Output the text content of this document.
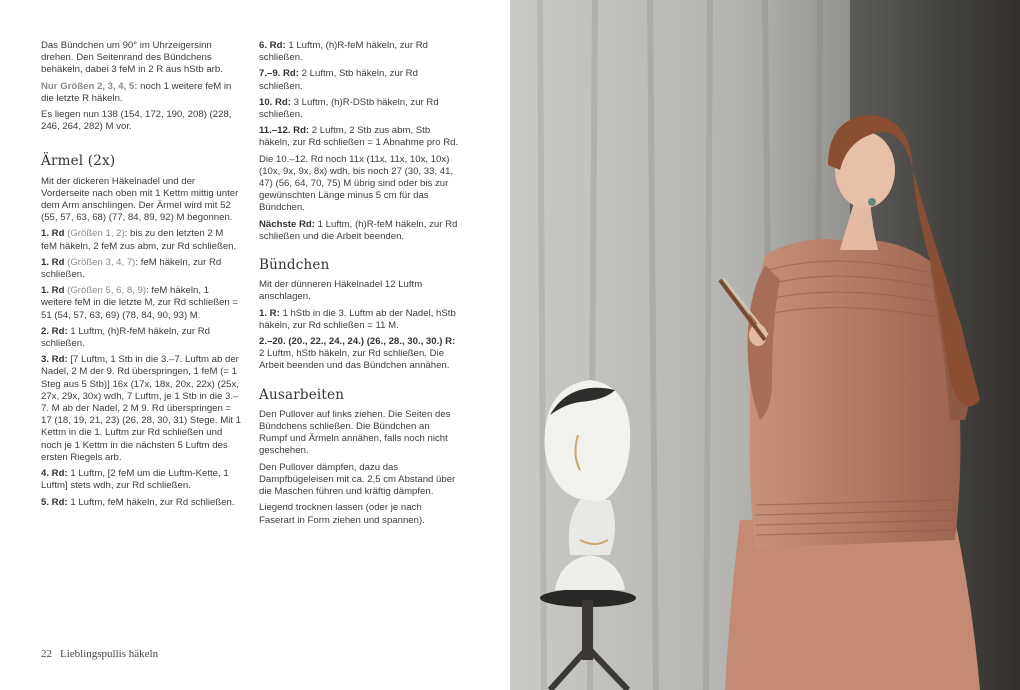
Das Bündchen um 90° im Uhrzeigersinn drehen. Den Seitenrand des Bündchens behäkeln, dabei 3 feM in 2 R aus hStb arb.

Nur Größen 2, 3, 4, 5: noch 1 weitere feM in die letzte R häkeln.

Es liegen nun 138 (154, 172, 190, 208) (228, 246, 264, 282) M vor.

Ärmel (2x)

Mit der dickeren Häkelnadel und der Vorderseite nach oben mit 1 Kettm mittig unter dem Arm anschlingen. Der Ärmel wird mit 52 (55, 57, 63, 68) (77, 84, 89, 92) M begonnen.

1. Rd (Größen 1, 2): bis zu den letzten 2 M feM häkeln, 2 feM zus abm, zur Rd schließen.

1. Rd (Größen 3, 4, 7): feM häkeln, zur Rd schließen.

1. Rd (Größen 5, 6, 8, 9): feM häkeln, 1 weitere feM in die letzte M, zur Rd schließen = 51 (54, 57, 63, 69) (78, 84, 90, 93) M.

2. Rd: 1 Luftm, (h)R-feM häkeln, zur Rd schließen.

3. Rd: [7 Luftm, 1 Stb in die 3.–7. Luftm ab der Nadel, 2 M der 9. Rd überspringen, 1 feM (= 1 Steg aus 5 Stb)] 16x (17x, 18x, 20x, 22x) (25x, 27x, 29x, 30x) wdh, 7 Luftm, je 1 Stb in die 3.–7. M ab der Nadel, 2 M 9. Rd überspringen = 17 (18, 19, 21, 23) (26, 28, 30, 31) Stege. Mit 1 Kettm in die 1. Luftm zur Rd schließen und noch je 1 Kettm in die nächsten 5 Luftm des ersten Riegels arb.

4. Rd: 1 Luftm, [2 feM um die Luftm-Kette, 1 Luftm] stets wdh, zur Rd schließen.

5. Rd: 1 Luftm, feM häkeln, zur Rd schließen.

6. Rd: 1 Luftm, (h)R-feM häkeln, zur Rd schließen.

7.–9. Rd: 2 Luftm, Stb häkeln, zur Rd schließen.

10. Rd: 3 Luftm, (h)R-DStb häkeln, zur Rd schließen.

11.–12. Rd: 2 Luftm, 2 Stb zus abm, Stb häkeln, zur Rd schließen = 1 Abnahme pro Rd.

Die 10.–12. Rd noch 11x (11x, 11x, 10x, 10x) (10x, 9x, 9x, 8x) wdh, bis noch 27 (30, 33, 41, 47) (56, 64, 70, 75) M übrig sind oder bis zur gewünschten Länge minus 5 cm für das Bündchen.

Nächste Rd: 1 Luftm, (h)R-feM häkeln, zur Rd schließen und die Arbeit beenden.

Bündchen

Mit der dünneren Häkelnadel 12 Luftm anschlagen.

1. R: 1 hStb in die 3. Luftm ab der Nadel, hStb häkeln, zur Rd schließen = 11 M.

2.–20. (20., 22., 24., 24.) (26., 28., 30., 30.) R: 2 Luftm, hStb häkeln, zur Rd schließen. Die Arbeit beenden und das Bündchen annähen.

Ausarbeiten

Den Pullover auf links ziehen. Die Seiten des Bündchens schließen. Die Bündchen an Rumpf und Ärmeln annähen, falls noch nicht geschehen.

Den Pullover dämpfen, dazu das Dampfbügeleisen mit ca. 2,5 cm Abstand über die Maschen führen und kräftig dämpfen.

Liegend trocknen lassen (oder je nach Faserart in Form ziehen und spannen).

22 Lieblingspullis häkeln
